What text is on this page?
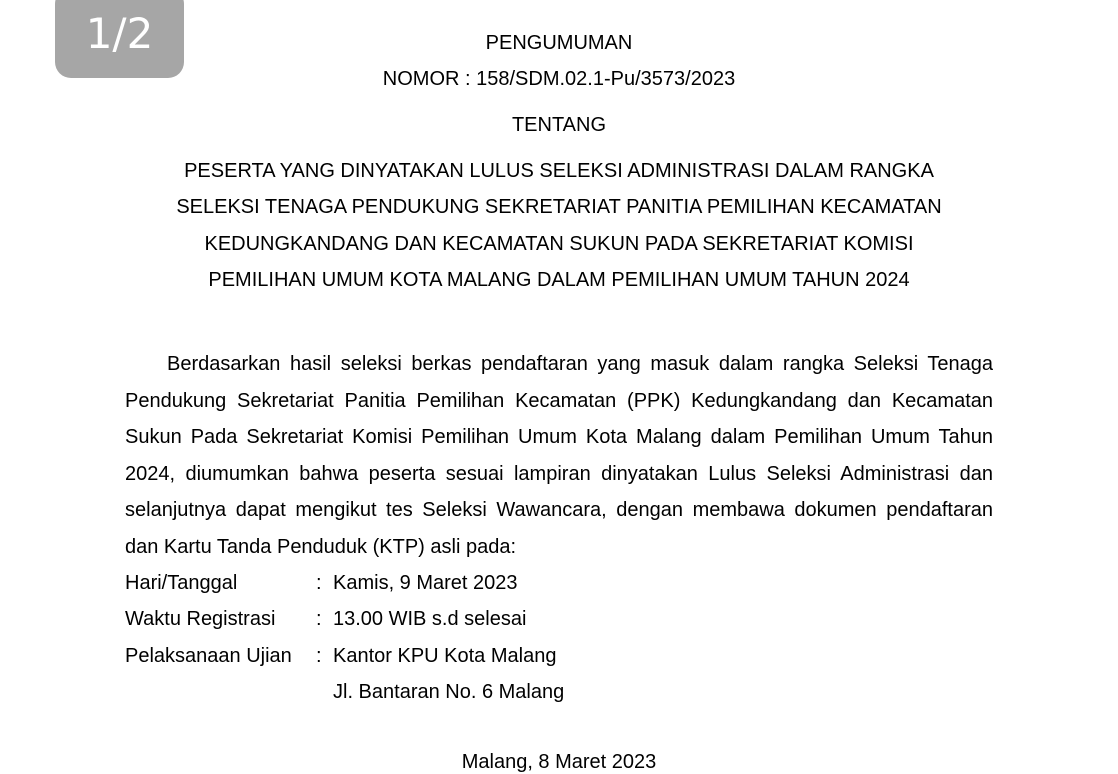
1/2	PENGUMUMAN
NOMOR : 158/SDM.02.1-Pu/3573/2023
TENTANG
PESERTA YANG DINYATAKAN LULUS SELEKSI ADMINISTRASI DALAM RANGKA
SELEKSI TENAGA PENDUKUNG SEKRETARIAT PANITIA PEMILIHAN KECAMATAN
KEDUNGKANDANG DAN KECAMATAN SUKUN PADA SEKRETARIAT KOMISI
PEMILIHAN UMUM KOTA MALANG DALAM PEMILIHAN UMUM TAHUN 2024

Berdasarkan hasil seleksi berkas pendaftaran yang masuk dalam rangka Seleksi Tenaga Pendukung Sekretariat Panitia Pemilihan Kecamatan (PPK) Kedungkandang dan Kecamatan Sukun Pada Sekretariat Komisi Pemilihan Umum Kota Malang dalam Pemilihan Umum Tahun 2024, diumumkan bahwa peserta sesuai lampiran dinyatakan Lulus Seleksi Administrasi dan selanjutnya dapat mengikut tes Seleksi Wawancara, dengan membawa dokumen pendaftaran dan Kartu Tanda Penduduk (KTP) asli pada:

Hari/Tanggal	: Kamis, 9 Maret 2023
Waktu Registrasi : 13.00 WIB s.d selesai
Pelaksanaan Ujian : Kantor KPU Kota Malang
Jl. Bantaran No. 6 Malang
Malang, 8 Maret 2023
